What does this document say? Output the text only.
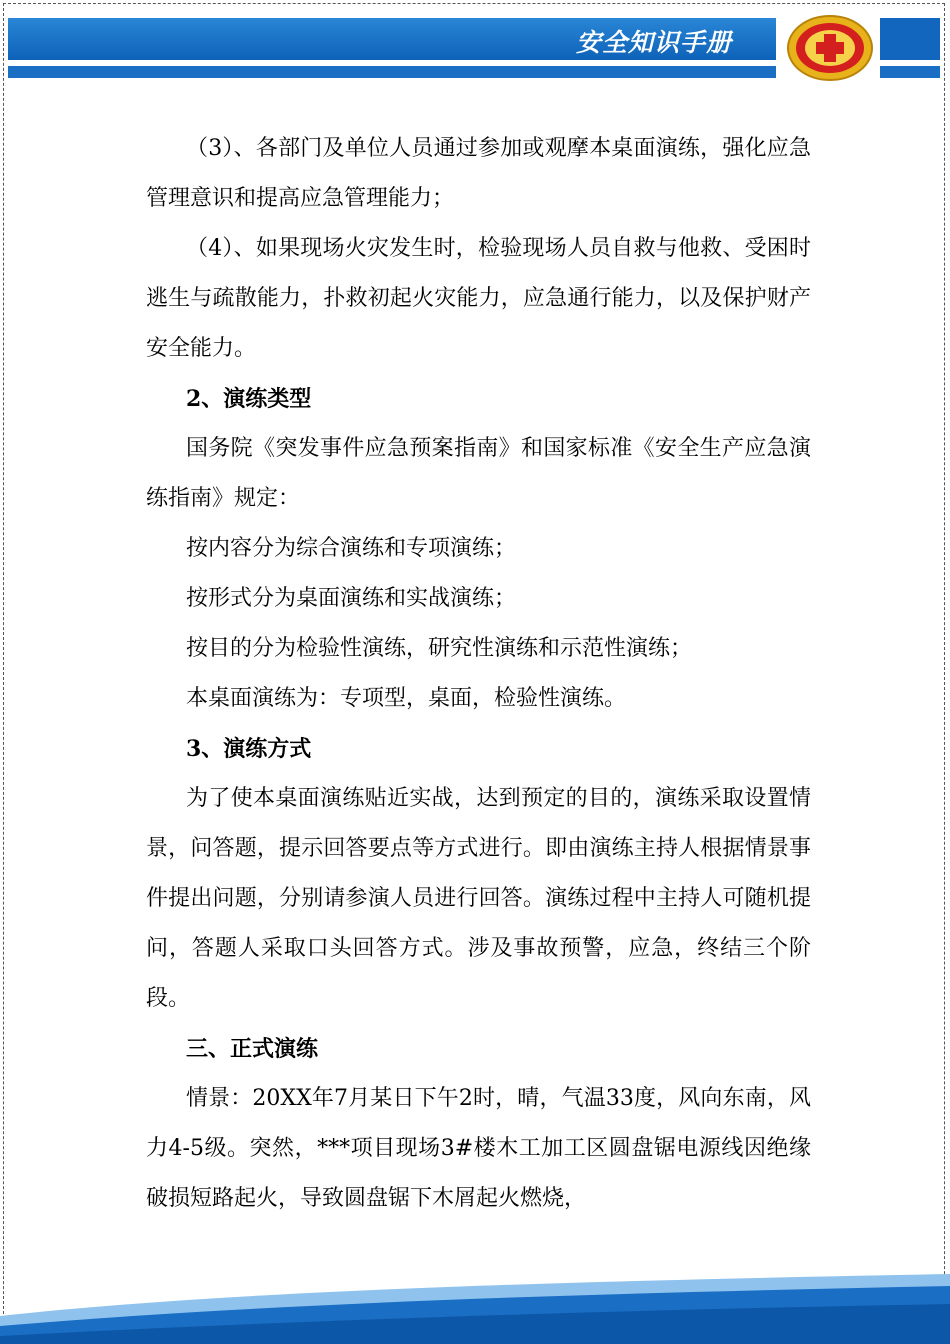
安全知识手册

（3）、各部门及单位人员通过参加或观摩本桌面演练，强化应急管理意识和提高应急管理能力；

（4）、如果现场火灾发生时，检验现场人员自救与他救、受困时逃生与疏散能力，扑救初起火灾能力，应急通行能力，以及保护财产安全能力。

2、演练类型

国务院《突发事件应急预案指南》和国家标准《安全生产应急演练指南》规定：

按内容分为综合演练和专项演练；

按形式分为桌面演练和实战演练；

按目的分为检验性演练，研究性演练和示范性演练；

本桌面演练为：专项型，桌面，检验性演练。

3、演练方式

为了使本桌面演练贴近实战，达到预定的目的，演练采取设置情景，问答题，提示回答要点等方式进行。即由演练主持人根据情景事件提出问题，分别请参演人员进行回答。演练过程中主持人可随机提问，答题人采取口头回答方式。涉及事故预警，应急，终结三个阶段。

三、正式演练

情景：20XX年7月某日下午2时，晴，气温33度，风向东南，风力4-5级。突然，***项目现场3#楼木工加工区圆盘锯电源线因绝缘破损短路起火，导致圆盘锯下木屑起火燃烧，
